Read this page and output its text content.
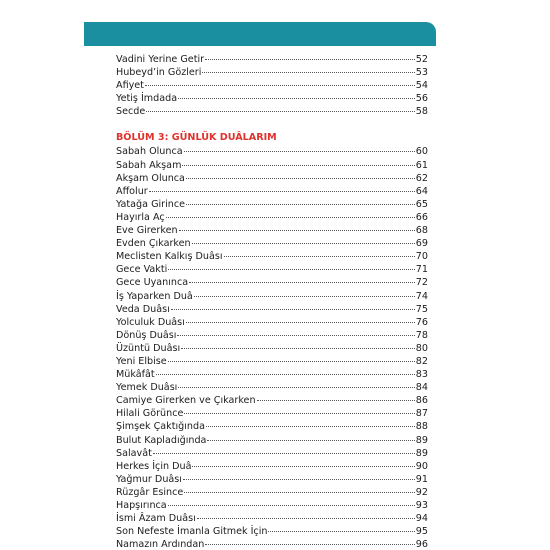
Vadini Yerine Getir	52
Hubeyd’in Gözleri	53
Afiyet	54
Yetiş İmdada	56
Secde	58
BÖLÜM 3: GÜNLÜK DUÂLARIM
Sabah Olunca	60
Sabah Akşam	61
Akşam Olunca	62
Affolur	64
Yatağa Girince	65
Hayırla Aç	66
Eve Girerken	68
Evden Çıkarken	69
Meclisten Kalkış Duâsı	70
Gece Vakti	71
Gece Uyanınca	72
İş Yaparken Duâ	74
Veda Duâsı	75
Yolculuk Duâsı	76
Dönüş Duâsı	78
Üzüntü Duâsı	80
Yeni Elbise	82
Mükâfât	83
Yemek Duâsı	84
Camiye Girerken ve Çıkarken	86
Hilali Görünce	87
Şimşek Çaktığında	88
Bulut Kapladığında	89
Salavât	89
Herkes İçin Duâ	90
Yağmur Duâsı	91
Rüzgâr Esince	92
Hapşırınca	93
İsmi Âzam Duâsı	94
Son Nefeste İmanla Gitmek İçin	95
Namazın Ardından	96
